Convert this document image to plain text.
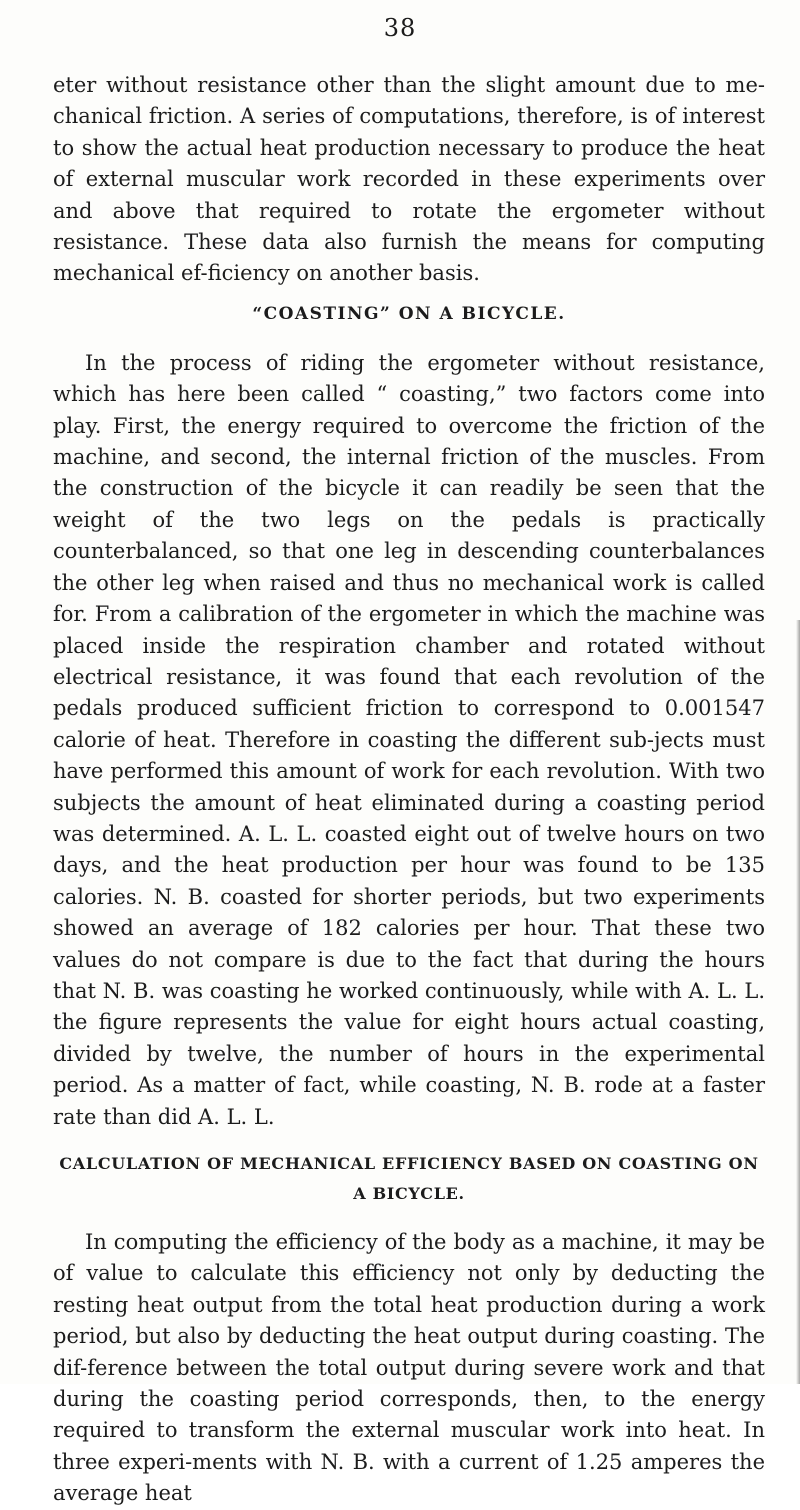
38

eter without resistance other than the slight amount due to me-chanical friction. A series of computations, therefore, is of interest to show the actual heat production necessary to produce the heat of external muscular work recorded in these experiments over and above that required to rotate the ergometer without resistance. These data also furnish the means for computing mechanical ef-ficiency on another basis.

“COASTING” ON A BICYCLE.

In the process of riding the ergometer without resistance, which has here been called “ coasting,” two factors come into play. First, the energy required to overcome the friction of the machine, and second, the internal friction of the muscles. From the construction of the bicycle it can readily be seen that the weight of the two legs on the pedals is practically counterbalanced, so that one leg in descending counterbalances the other leg when raised and thus no mechanical work is called for. From a calibration of the ergometer in which the machine was placed inside the respiration chamber and rotated without electrical resistance, it was found that each revolution of the pedals produced sufficient friction to correspond to 0.001547 calorie of heat. Therefore in coasting the different sub-jects must have performed this amount of work for each revolution. With two subjects the amount of heat eliminated during a coasting period was determined. A. L. L. coasted eight out of twelve hours on two days, and the heat production per hour was found to be 135 calories. N. B. coasted for shorter periods, but two experiments showed an average of 182 calories per hour. That these two values do not compare is due to the fact that during the hours that N. B. was coasting he worked continuously, while with A. L. L. the figure represents the value for eight hours actual coasting, divided by twelve, the number of hours in the experimental period. As a matter of fact, while coasting, N. B. rode at a faster rate than did A. L. L.

CALCULATION OF MECHANICAL EFFICIENCY BASED ON COASTING ON A BICYCLE.

In computing the efficiency of the body as a machine, it may be of value to calculate this efficiency not only by deducting the resting heat output from the total heat production during a work period, but also by deducting the heat output during coasting. The dif-ference between the total output during severe work and that during the coasting period corresponds, then, to the energy required to transform the external muscular work into heat. In three experi-ments with N. B. with a current of 1.25 amperes the average heat
